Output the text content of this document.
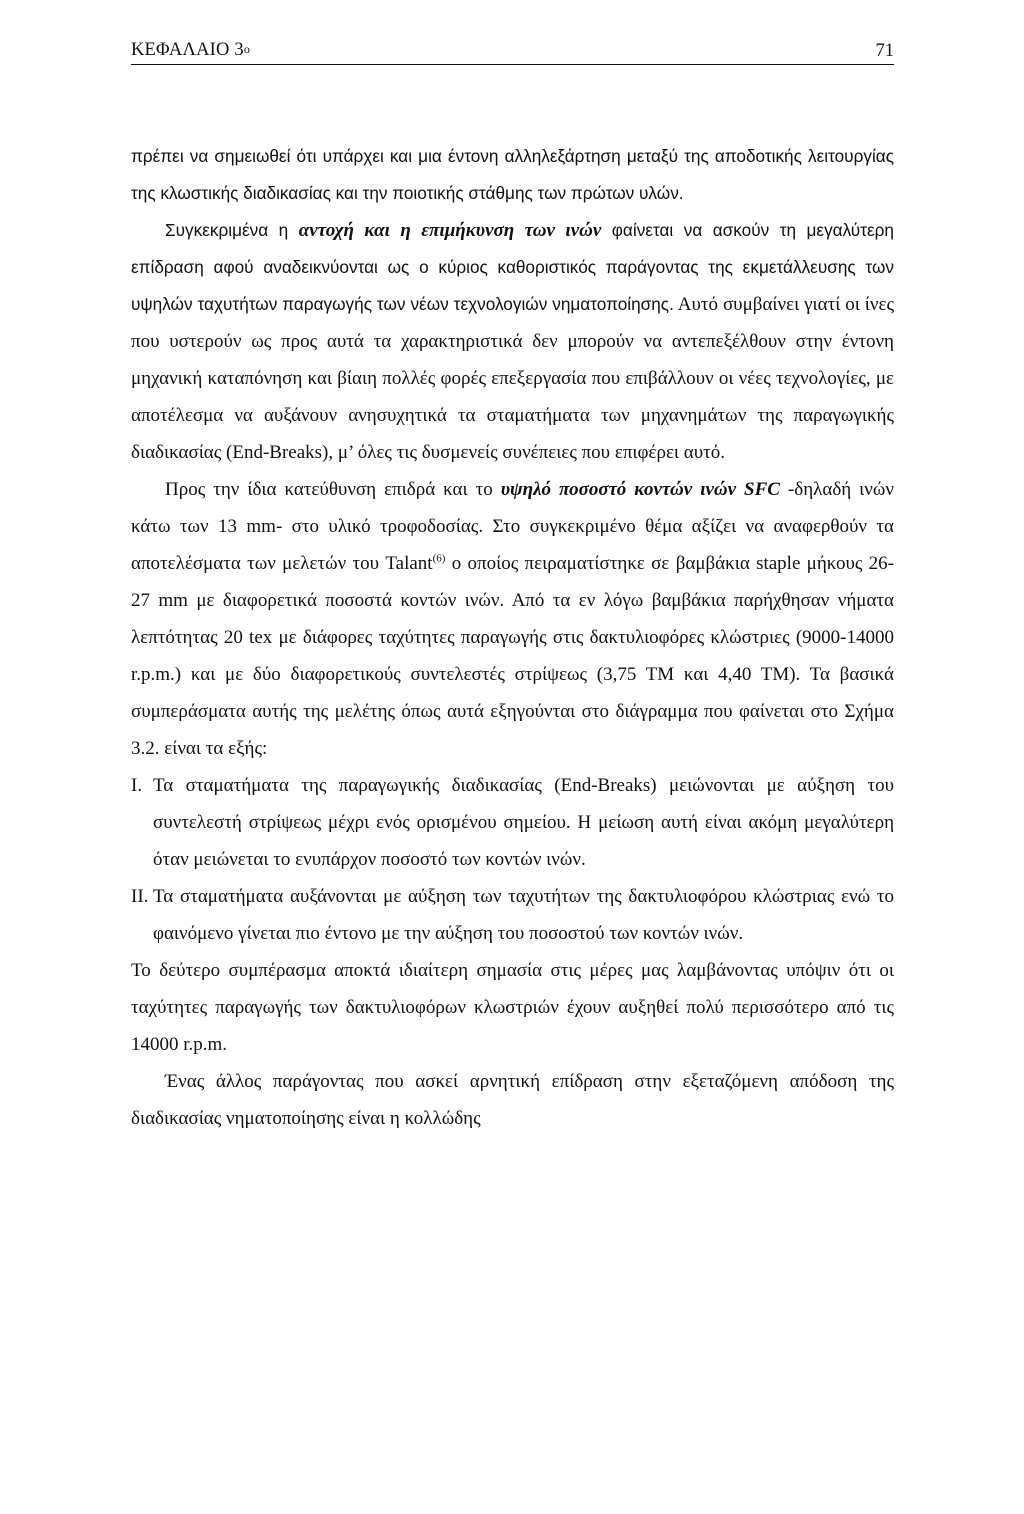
ΚΕΦΑΛΑΙΟ $3^o$	71

πρέπει να σημειωθεί ότι υπάρχει και μια έντονη αλληλεξάρτηση μεταξύ της αποδοτικής λειτουργίας της κλωστικής διαδικασίας και την ποιοτικής στάθμης των πρώτων υλών.

Συγκεκριμένα η αντοχή και η επιμήκυνση των ινών φαίνεται να ασκούν τη μεγαλύτερη επίδραση αφού αναδεικνύονται ως ο κύριος καθοριστικός παράγοντας της εκμετάλλευσης των υψηλών ταχυτήτων παραγωγής των νέων τεχνολογιών νηματοποίησης. Αυτό συμβαίνει γιατί οι ίνες που υστερούν ως προς αυτά τα χαρακτηριστικά δεν μπορούν να αντεπεξέλθουν στην έντονη μηχανική καταπόνηση και βίαιη πολλές φορές επεξεργασία που επιβάλλουν οι νέες τεχνολογίες, με αποτέλεσμα να αυξάνουν ανησυχητικά τα σταματήματα των μηχανημάτων της παραγωγικής διαδικασίας (End-Breaks), μ’ όλες τις δυσμενείς συνέπειες που επιφέρει αυτό.

Προς την ίδια κατεύθυνση επιδρά και το υψηλό ποσοστό κοντών ινών SFC -δηλαδή ινών κάτω των 13 mm- στο υλικό τροφοδοσίας. Στο συγκεκριμένο θέμα αξίζει να αναφερθούν τα αποτελέσματα των μελετών του Talant$^{(6)}$ ο οποίος πειραματίστηκε σε βαμβάκια staple μήκους 26-27 mm με διαφορετικά ποσοστά κοντών ινών. Από τα εν λόγω βαμβάκια παρήχθησαν νήματα λεπτότητας 20 tex με διάφορες ταχύτητες παραγωγής στις δακτυλιοφόρες κλώστριες (9000-14000 r.p.m.) και με δύο διαφορετικούς συντελεστές στρίψεως (3,75 ΤΜ και 4,40 ΤΜ). Τα βασικά συμπεράσματα αυτής της μελέτης όπως αυτά εξηγούνται στο διάγραμμα που φαίνεται στο Σχήμα 3.2. είναι τα εξής:

Ι. Τα σταματήματα της παραγωγικής διαδικασίας (End-Breaks) μειώνονται με αύξηση του συντελεστή στρίψεως μέχρι ενός ορισμένου σημείου. Η μείωση αυτή είναι ακόμη μεγαλύτερη όταν μειώνεται το ενυπάρχον ποσοστό των κοντών ινών.

ΙΙ. Τα σταματήματα αυξάνονται με αύξηση των ταχυτήτων της δακτυλιοφόρου κλώστριας ενώ το φαινόμενο γίνεται πιο έντονο με την αύξηση του ποσοστού των κοντών ινών.

Το δεύτερο συμπέρασμα αποκτά ιδιαίτερη σημασία στις μέρες μας λαμβάνοντας υπόψιν ότι οι ταχύτητες παραγωγής των δακτυλιοφόρων κλωστριών έχουν αυξηθεί πολύ περισσότερο από τις 14000 r.p.m.

Ένας άλλος παράγοντας που ασκεί αρνητική επίδραση στην εξεταζόμενη απόδοση της διαδικασίας νηματοποίησης είναι η κολλώδης
